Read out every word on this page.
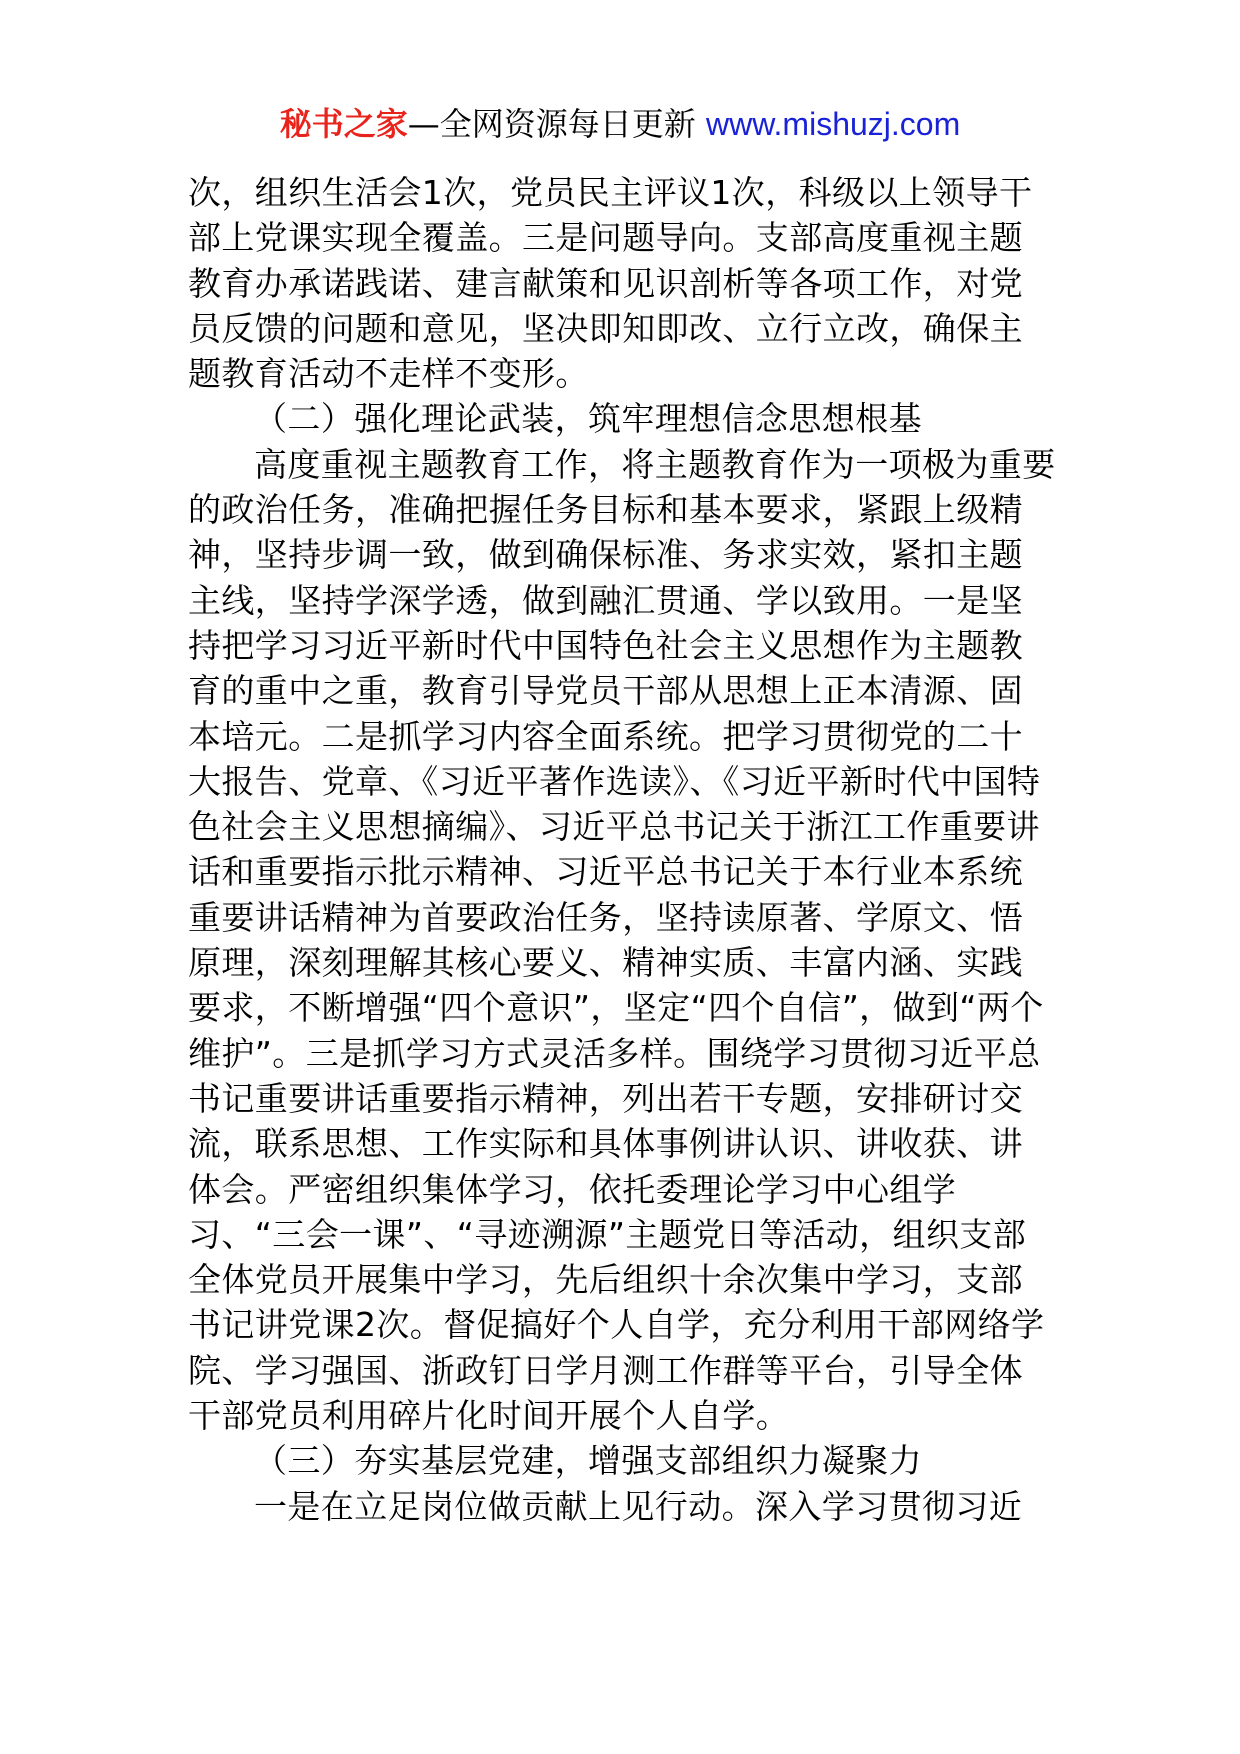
秘书之家—全网资源每日更新 www.mishuzj.com

次，组织生活会1次，党员民主评议1次，科级以上领导干部上党课实现全覆盖。三是问题导向。支部高度重视主题教育办承诺践诺、建言献策和见识剖析等各项工作，对党员反馈的问题和意见，坚决即知即改、立行立改，确保主题教育活动不走样不变形。

（二）强化理论武装，筑牢理想信念思想根基

高度重视主题教育工作，将主题教育作为一项极为重要的政治任务，准确把握任务目标和基本要求，紧跟上级精神，坚持步调一致，做到确保标准、务求实效，紧扣主题主线，坚持学深学透，做到融汇贯通、学以致用。一是坚持把学习习近平新时代中国特色社会主义思想作为主题教育的重中之重，教育引导党员干部从思想上正本清源、固本培元。二是抓学习内容全面系统。把学习贯彻党的二十大报告、党章、《习近平著作选读》、《习近平新时代中国特色社会主义思想摘编》、习近平总书记关于浙江工作重要讲话和重要指示批示精神、习近平总书记关于本行业本系统重要讲话精神为首要政治任务，坚持读原著、学原文、悟原理，深刻理解其核心要义、精神实质、丰富内涵、实践要求，不断增强“四个意识”，坚定“四个自信”，做到“两个维护”。三是抓学习方式灵活多样。围绕学习贯彻习近平总书记重要讲话重要指示精神，列出若干专题，安排研讨交流，联系思想、工作实际和具体事例讲认识、讲收获、讲体会。严密组织集体学习，依托委理论学习中心组学习、“三会一课”、“寻迹溯源”主题党日等活动，组织支部全体党员开展集中学习，先后组织十余次集中学习，支部书记讲党课2次。督促搞好个人自学，充分利用干部网络学院、学习强国、浙政钉日学月测工作群等平台，引导全体干部党员利用碎片化时间开展个人自学。

（三）夯实基层党建，增强支部组织力凝聚力

一是在立足岗位做贡献上见行动。深入学习贯彻习近
